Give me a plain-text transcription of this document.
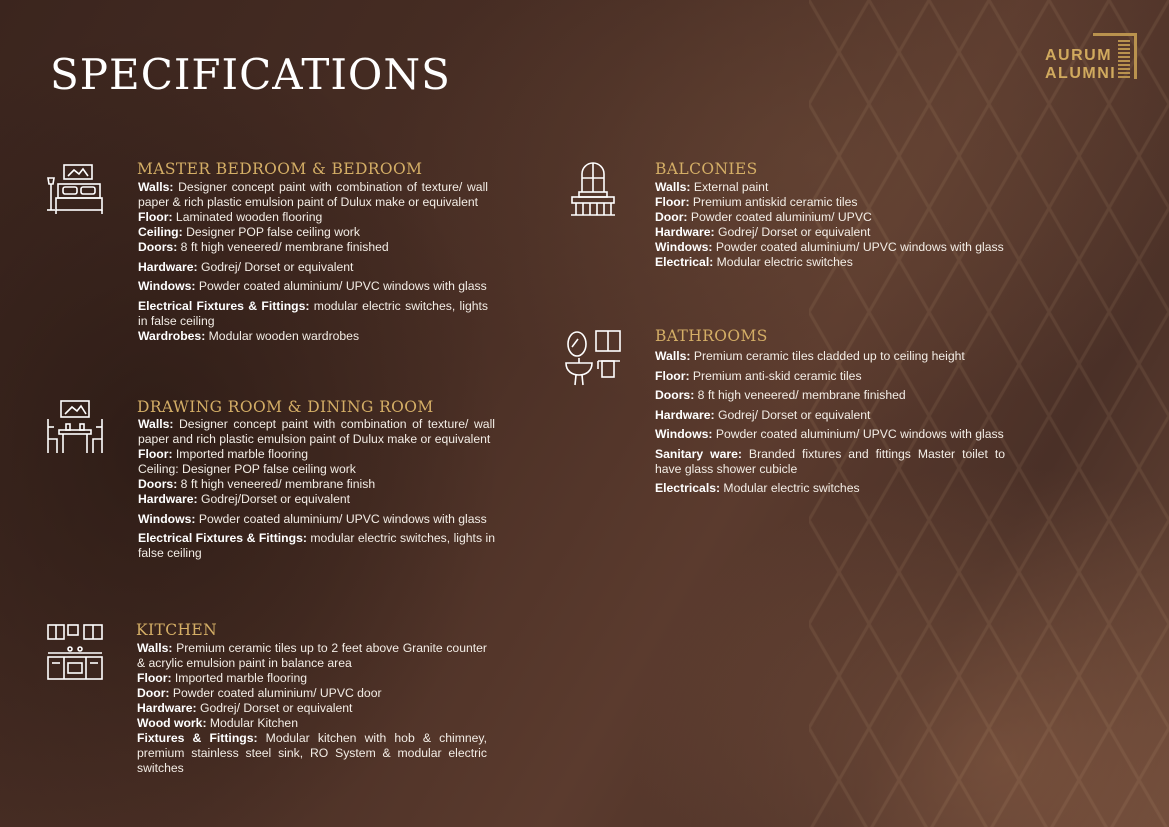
SPECIFICATIONS	AURUM
ALUMNI
MASTER BEDROOM & BEDROOM
Walls: Designer concept paint with combination of texture/ wall paper & rich plastic emulsion paint of Dulux make or equivalent
Floor: Laminated wooden flooring
Ceiling: Designer POP false ceiling work
Doors: 8 ft high veneered/ membrane finished
Hardware: Godrej/ Dorset or equivalent
Windows: Powder coated aluminium/ UPVC windows with glass
Electrical Fixtures & Fittings: modular electric switches, lights in false ceiling
Wardrobes: Modular wooden wardrobes
DRAWING ROOM & DINING ROOM
Walls: Designer concept paint with combination of texture/ wall paper and rich plastic emulsion paint of Dulux make or equivalent
Floor: Imported marble flooring
Ceiling: Designer POP false ceiling work
Doors: 8 ft high veneered/ membrane finish
Hardware: Godrej/Dorset or equivalent
Windows: Powder coated aluminium/ UPVC windows with glass
Electrical Fixtures & Fittings: modular electric switches, lights in false ceiling
KITCHEN
Walls: Premium ceramic tiles up to 2 feet above Granite counter & acrylic emulsion paint in balance area
Floor: Imported marble flooring
Door: Powder coated aluminium/ UPVC door
Hardware: Godrej/ Dorset or equivalent
Wood work: Modular Kitchen
Fixtures & Fittings: Modular kitchen with hob & chimney, premium stainless steel sink, RO System & modular electric switches
BALCONIES
Walls: External paint
Floor: Premium antiskid ceramic tiles
Door: Powder coated aluminium/ UPVC
Hardware: Godrej/ Dorset or equivalent
Windows: Powder coated aluminium/ UPVC windows with glass
Electrical: Modular electric switches
BATHROOMS
Walls: Premium ceramic tiles cladded up to ceiling height
Floor: Premium anti-skid ceramic tiles
Doors: 8 ft high veneered/ membrane finished
Hardware: Godrej/ Dorset or equivalent
Windows: Powder coated aluminium/ UPVC windows with glass
Sanitary ware: Branded fixtures and fittings Master toilet to have glass shower cubicle
Electricals: Modular electric switches
